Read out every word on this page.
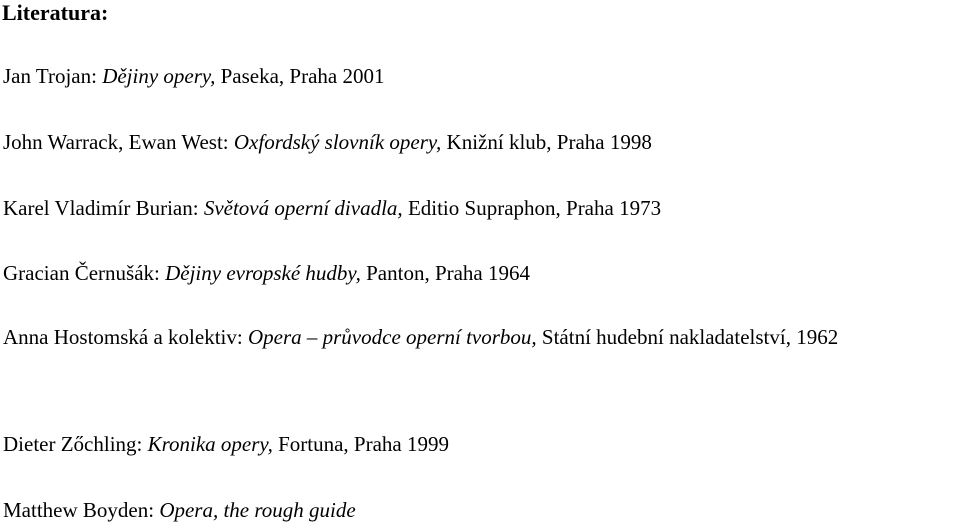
Literatura:
Jan Trojan: Dějiny opery, Paseka, Praha 2001
John Warrack, Ewan West: Oxfordský slovník opery, Knižní klub, Praha 1998
Karel Vladimír Burian: Světová operní divadla, Editio Supraphon, Praha 1973
Gracian Černušák: Dějiny evropské hudby, Panton, Praha 1964
Anna Hostomská a kolektiv: Opera – průvodce operní tvorbou, Státní hudební nakladatelství, 1962
Dieter Zőchling: Kronika opery, Fortuna, Praha 1999
Matthew Boyden: Opera, the rough guide
